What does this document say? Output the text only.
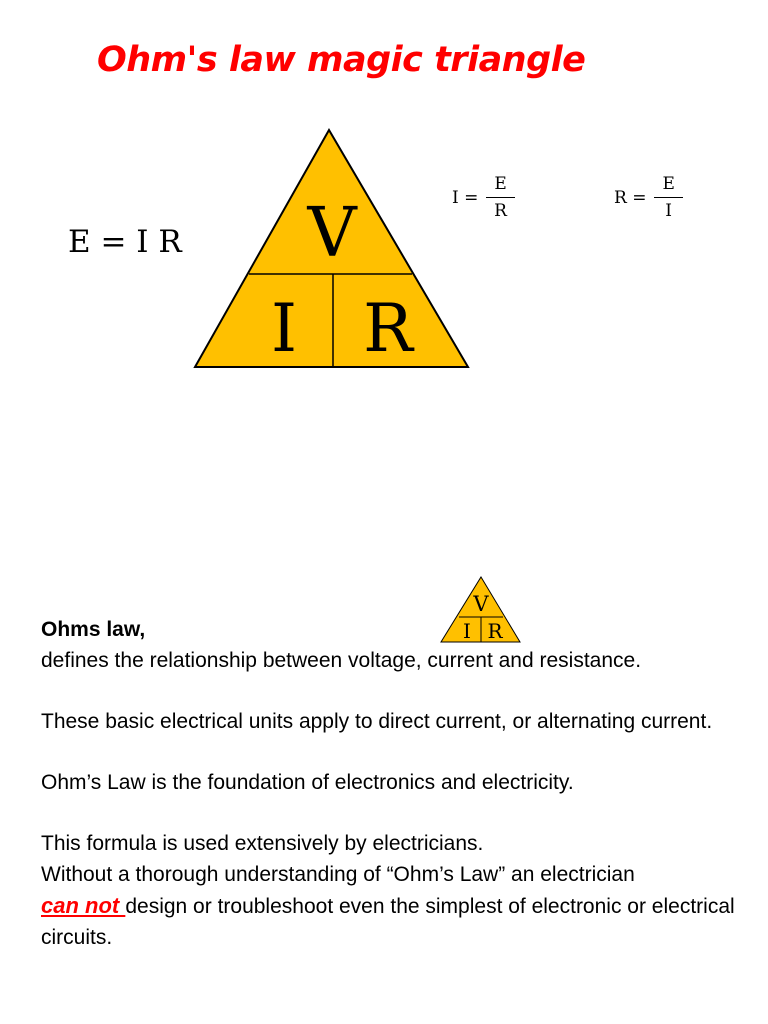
Ohm's law magic triangle
E = I R
$I = \frac{E}{R}$	$R = \frac{E}{I}$
V
I R
V
I R

Ohms law,

defines the relationship between voltage, current and resistance.

These basic electrical units apply to direct current, or alternating current.

Ohm’s Law is the foundation of electronics and electricity.

This formula is used extensively by electricians.

Without a thorough understanding of “Ohm’s Law” an electrician

can not design or troubleshoot even the simplest of electronic or electrical circuits.
